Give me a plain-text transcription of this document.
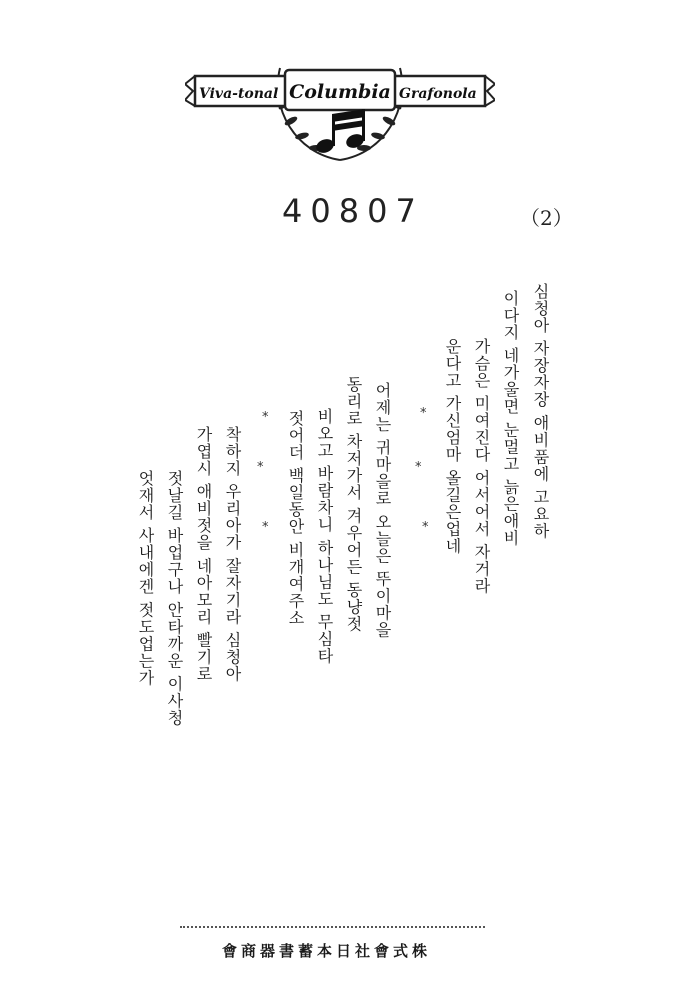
Viva-tonal Columbia Grafonola
40807	（2）
심청아 자장자장 애비품에 고요하
이다지 네가울면 눈멀고 늙은애비
가슴은 미여진다 어서어서 자거라
운다고 가신엄마 올길은업네
*
*
*
어제는 귀마을로 오늘은 뚜이마을
동리로 차저가서 겨우어든 동냥젓
비오고 바람차니 하나님도 무심타
젓어더 백일동안 비개여주소
*
*
*
착하지 우리아가 잘자기라 심청아
가엽시 애비젓을 네아모리 빨기로
젓날길 바업구나 안타까운 이사청
엇재서 사내에겐 젓도업는가
會商器書蓄本日社會式株
